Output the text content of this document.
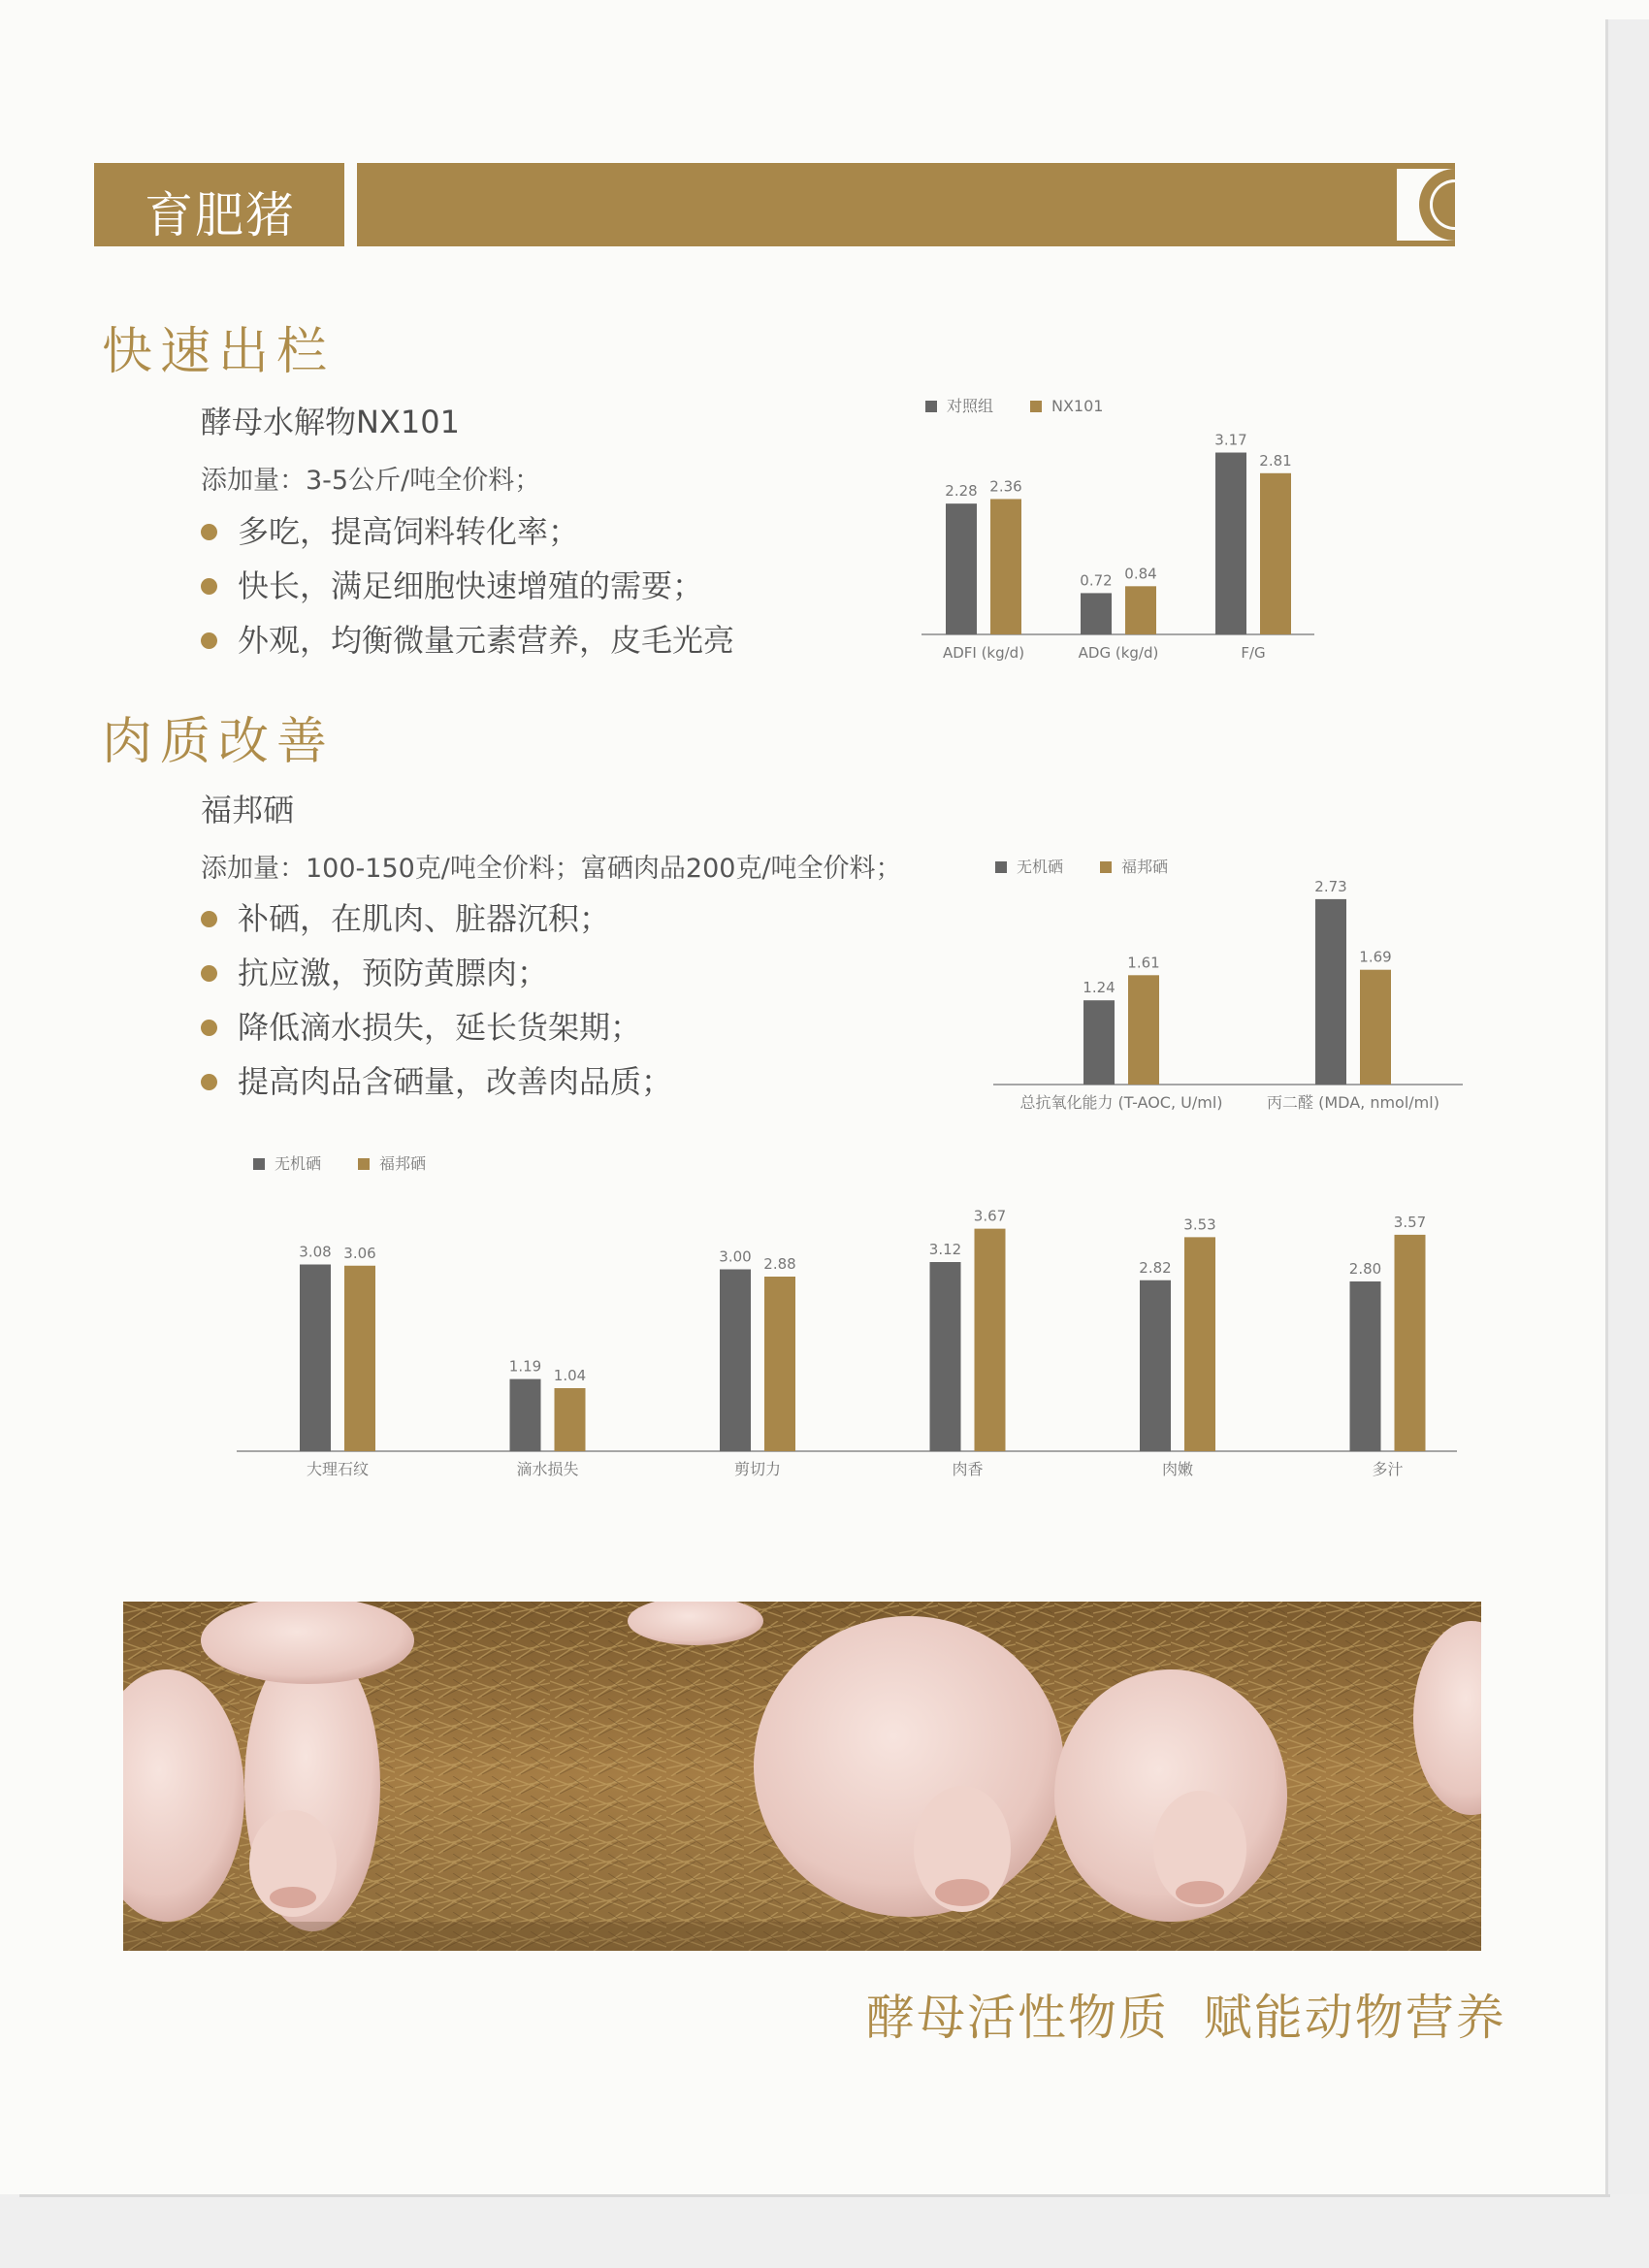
育肥猪
快速出栏
酵母水解物NX101
添加量：3-5公斤/吨全价料；
多吃，提高饲料转化率；
快长，满足细胞快速增殖的需要；
外观，均衡微量元素营养，皮毛光亮
肉质改善
福邦硒
添加量：100-150克/吨全价料；富硒肉品200克/吨全价料；
补硒，在肌肉、脏器沉积；
抗应激，预防黄膘肉；
降低滴水损失，延长货架期；
提高肉品含硒量，改善肉品质；
对照组	NX101
2.28 2.36
ADFI (kg/d)
0.72 0.84
ADG (kg/d)
3.17
2.81
F/G
无机硒	福邦硒
1.24
1.61
总抗氧化能力 (T-AOC, U/ml)
2.73
1.69
丙二醛 (MDA, nmol/ml)
无机硒	福邦硒
3.08 3.06
大理石纹
1.19
1.04
滴水损失
3.00 2.88
剪切力
3.12
3.67
肉香
2.82
3.53
肉嫩
2.80
3.57
多汁
酵母活性物质  赋能动物营养
